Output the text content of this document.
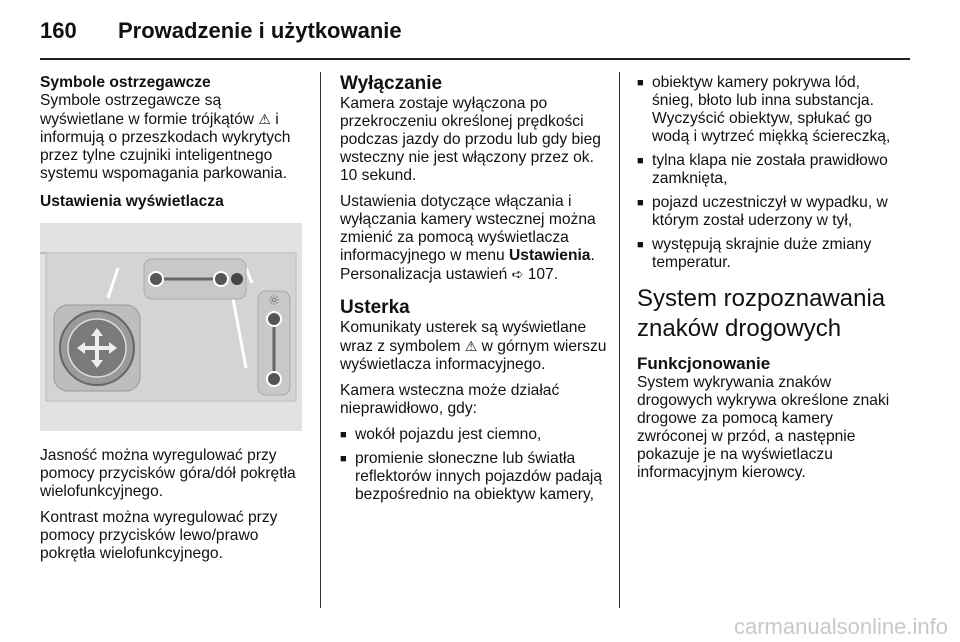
160	Prowadzenie i użytkowanie
Symbole ostrzegawcze

Symbole ostrzegawcze są wyświetlane w formie trójkątów ⚠ i informują o przeszkodach wykrytych przez tylne czujniki inteligentnego systemu wspomagania parkowania.

Ustawienia wyświetlacza
☼

Jasność można wyregulować przy pomocy przycisków góra/dół pokrętła wielofunkcyjnego.

Kontrast można wyregulować przy pomocy przycisków lewo/prawo pokrętła wielofunkcyjnego.

Wyłączanie

Kamera zostaje wyłączona po przekroczeniu określonej prędkości podczas jazdy do przodu lub gdy bieg wsteczny nie jest włączony przez ok. 10 sekund.

Ustawienia dotyczące włączania i wyłączania kamery wstecznej można zmienić za pomocą wyświetlacza informacyjnego w menu Ustawienia. Personalizacja ustawień ➪ 107.

Usterka

Komunikaty usterek są wyświetlane wraz z symbolem ⚠ w górnym wierszu wyświetlacza informacyjnego.

Kamera wsteczna może działać nieprawidłowo, gdy:

■ wokół pojazdu jest ciemno,
■ promienie słoneczne lub światła reflektorów innych pojazdów padają bezpośrednio na obiektyw kamery,
■ obiektyw kamery pokrywa lód, śnieg, błoto lub inna substancja. Wyczyścić obiektyw, spłukać go wodą i wytrzeć miękką ściereczką,
■ tylna klapa nie została prawidłowo zamknięta,
■ pojazd uczestniczył w wypadku, w którym został uderzony w tył,
■ występują skrajnie duże zmiany temperatur.
System rozpoznawania znaków drogowych
Funkcjonowanie

System wykrywania znaków drogowych wykrywa określone znaki drogowe za pomocą kamery zwróconej w przód, a następnie pokazuje je na wyświetlaczu informacyjnym kierowcy.

carmanualsonline.info
